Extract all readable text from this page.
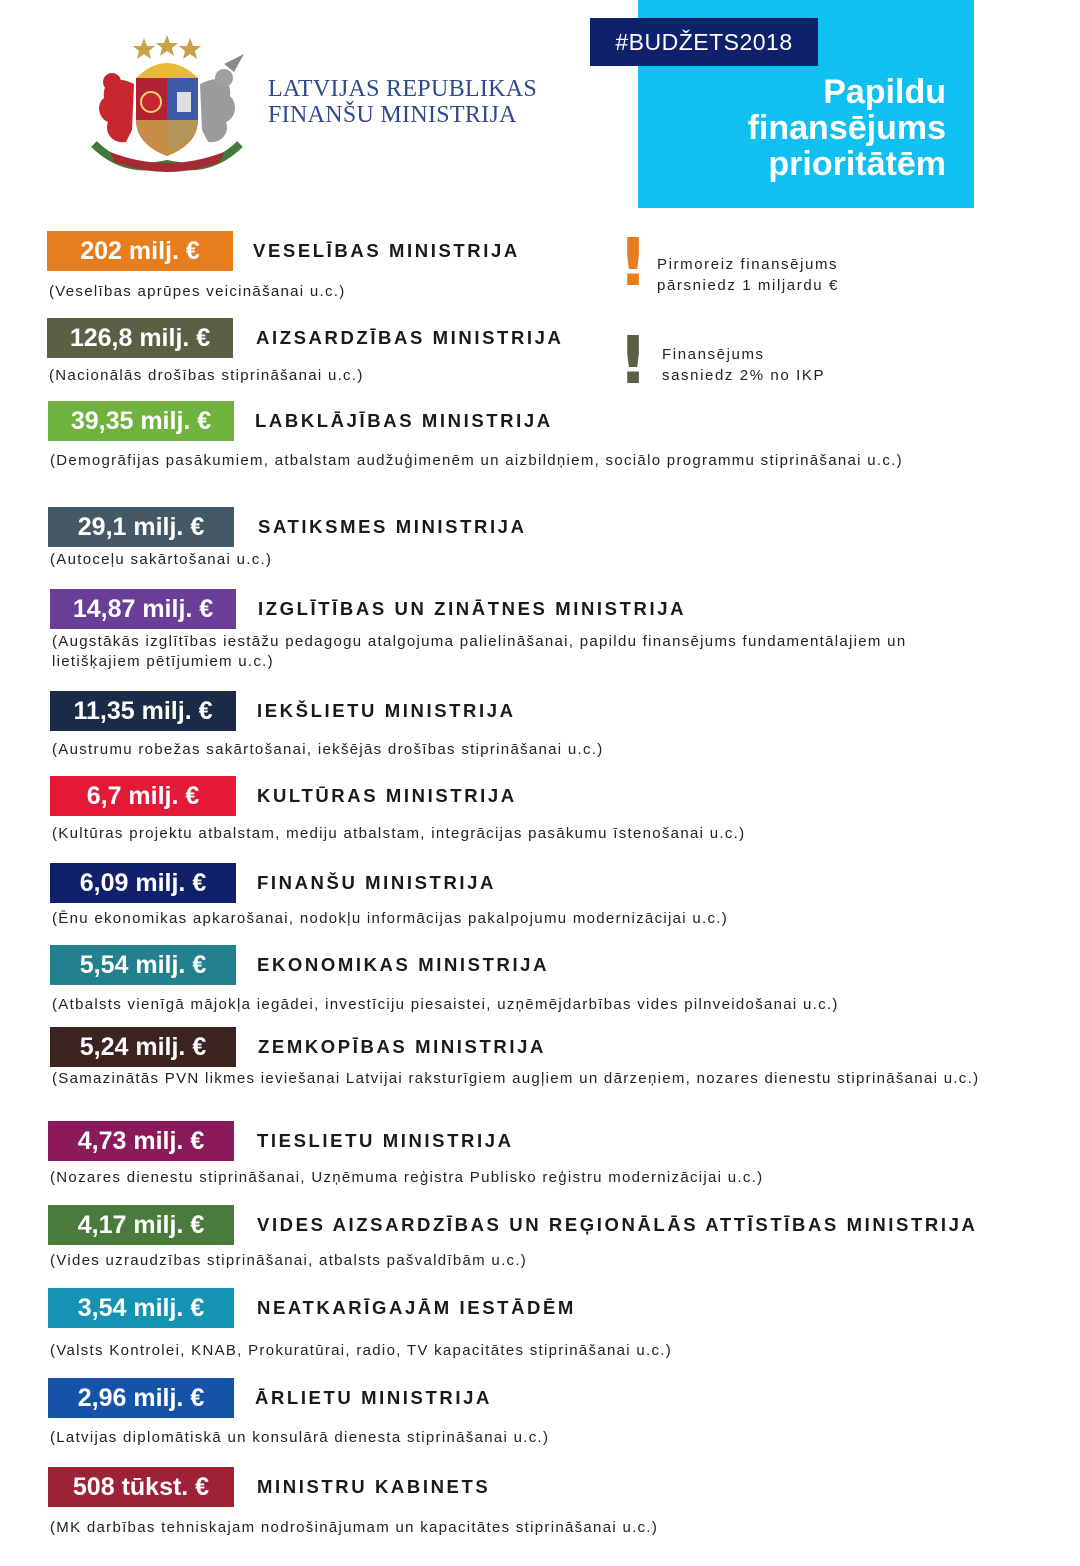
LATVIJAS REPUBLIKAS
FINANŠU MINISTRIJA
#BUDŽETS2018
Papildu
finansējums
prioritātēm
! Pirmoreiz finansējums
pārsniedz 1 miljardu €
! Finansējums
sasniedz 2% no IKP
202 milj. €	VESELĪBAS MINISTRIJA
(Veselības aprūpes veicināšanai u.c.)
126,8 milj. €	AIZSARDZĪBAS MINISTRIJA
(Nacionālās drošības stiprināšanai u.c.)
39,35 milj. €	LABKLĀJĪBAS MINISTRIJA
(Demogrāfijas pasākumiem, atbalstam audžuģimenēm un aizbildņiem, sociālo programmu stiprināšanai u.c.)
29,1 milj. €	SATIKSMES MINISTRIJA
(Autoceļu sakārtošanai u.c.)
14,87 milj. €	IZGLĪTĪBAS UN ZINĀTNES MINISTRIJA
(Augstākās izglītības iestāžu pedagogu atalgojuma palielināšanai, papildu finansējums fundamentālajiem un lietišķajiem pētījumiem u.c.)
11,35 milj. €	IEKŠLIETU MINISTRIJA
(Austrumu robežas sakārtošanai, iekšējās drošības stiprināšanai u.c.)
6,7 milj. €	KULTŪRAS MINISTRIJA
(Kultūras projektu atbalstam, mediju atbalstam, integrācijas pasākumu īstenošanai u.c.)
6,09 milj. €	FINANŠU MINISTRIJA
(Ēnu ekonomikas apkarošanai, nodokļu informācijas pakalpojumu modernizācijai u.c.)
5,54 milj. €	EKONOMIKAS MINISTRIJA
(Atbalsts vienīgā mājokļa iegādei, investīciju piesaistei, uzņēmējdarbības vides pilnveidošanai u.c.)
5,24 milj. €	ZEMKOPĪBAS MINISTRIJA
(Samazinātās PVN likmes ieviešanai Latvijai raksturīgiem augļiem un dārzeņiem, nozares dienestu stiprināšanai u.c.)
4,73 milj. €	TIESLIETU MINISTRIJA
(Nozares dienestu stiprināšanai, Uzņēmuma reģistra Publisko reģistru modernizācijai u.c.)
4,17 milj. €	VIDES AIZSARDZĪBAS UN REĢIONĀLĀS ATTĪSTĪBAS MINISTRIJA
(Vides uzraudzības stiprināšanai, atbalsts pašvaldībām u.c.)
3,54 milj. €	NEATKARĪGAJĀM IESTĀDĒM
(Valsts Kontrolei, KNAB, Prokuratūrai, radio, TV kapacitātes stiprināšanai u.c.)
2,96 milj. €	ĀRLIETU MINISTRIJA
(Latvijas diplomātiskā un konsulārā dienesta stiprināšanai u.c.)
508 tūkst. €	MINISTRU KABINETS
(MK darbības tehniskajam nodrošinājumam un kapacitātes stiprināšanai u.c.)
